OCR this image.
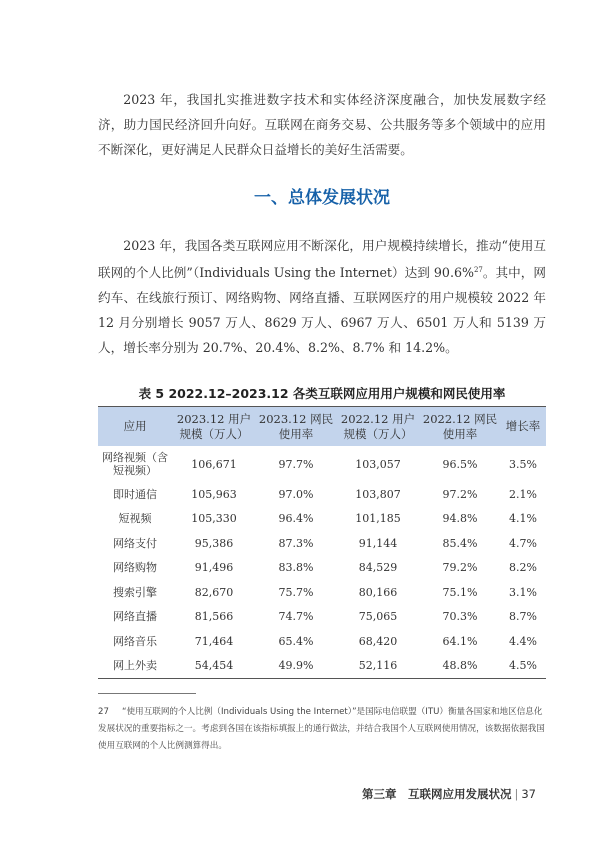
2023 年，我国扎实推进数字技术和实体经济深度融合，加快发展数字经济，助力国民经济回升向好。互联网在商务交易、公共服务等多个领域中的应用不断深化，更好满足人民群众日益增长的美好生活需要。

一、总体发展状况

2023 年，我国各类互联网应用不断深化，用户规模持续增长，推动“使用互联网的个人比例”（Individuals Using the Internet）达到 90.6%$^{27}$。其中，网约车、在线旅行预订、网络购物、网络直播、互联网医疗的用户规模较 2022 年 12 月分别增长 9057 万人、8629 万人、6967 万人、6501 万人和 5139 万人，增长率分别为 20.7%、20.4%、8.2%、8.7% 和 14.2%。

表 5 2022.12–2023.12 各类互联网应用用户规模和网民使用率
应用	2023.12 用户规模（万人）	2023.12 网民使用率	2022.12 用户规模（万人）	2022.12 网民使用率	增长率
网络视频（含短视频）	106,671	97.7%	103,057	96.5%	3.5%
即时通信	105,963	97.0%	103,807	97.2%	2.1%
短视频	105,330	96.4%	101,185	94.8%	4.1%
网络支付	95,386	87.3%	91,144	85.4%	4.7%
网络购物	91,496	83.8%	84,529	79.2%	8.2%
搜索引擎	82,670	75.7%	80,166	75.1%	3.1%
网络直播	81,566	74.7%	75,065	70.3%	8.7%
网络音乐	71,464	65.4%	68,420	64.1%	4.4%
网上外卖	54,454	49.9%	52,116	48.8%	4.5%

27 “使用互联网的个人比例（Individuals Using the Internet）”是国际电信联盟（ITU）衡量各国家和地区信息化发展状况的重要指标之一。考虑到各国在该指标填报上的通行做法，并结合我国个人互联网使用情况，该数据依据我国使用互联网的个人比例测算得出。

第三章　互联网应用发展状况 | 37
